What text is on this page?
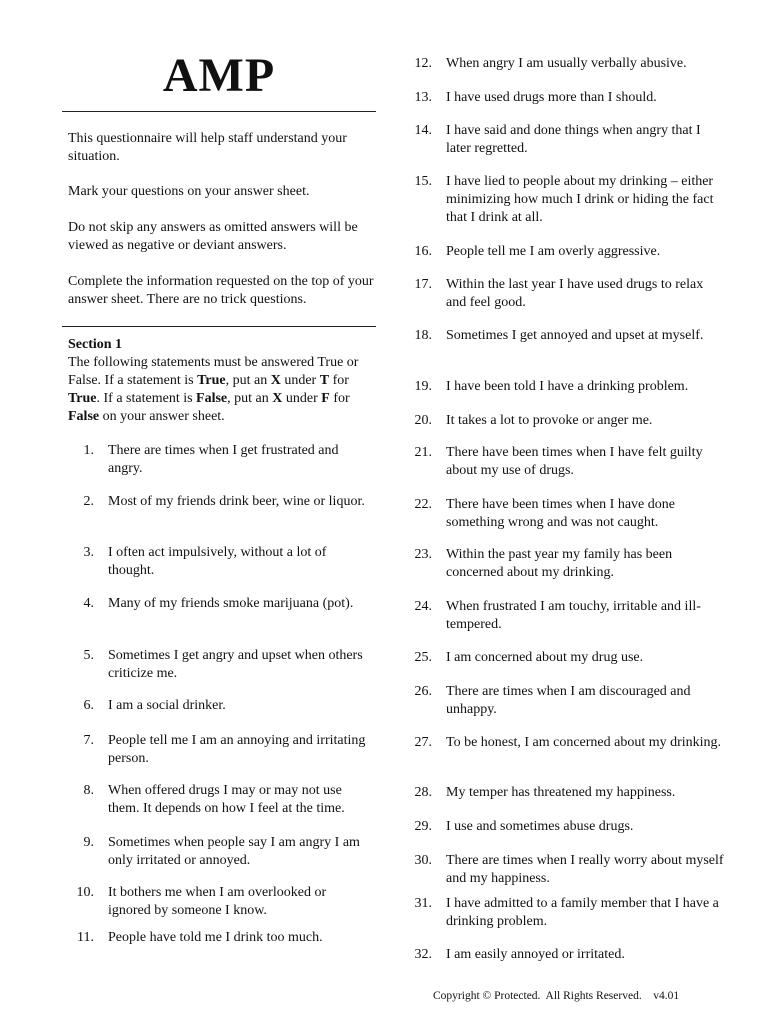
AMP

This questionnaire will help staff understand your situation.

Mark your questions on your answer sheet.

Do not skip any answers as omitted answers will be viewed as negative or deviant answers.

Complete the information requested on the top of your answer sheet. There are no trick questions.

Section 1

The following statements must be answered True or False. If a statement is True, put an X under T for True. If a statement is False, put an X under F for False on your answer sheet.

1. There are times when I get frustrated and angry.
2. Most of my friends drink beer, wine or liquor.
3. I often act impulsively, without a lot of thought.
4. Many of my friends smoke marijuana (pot).
5. Sometimes I get angry and upset when others criticize me.
6. I am a social drinker.
7. People tell me I am an annoying and irritating person.
8. When offered drugs I may or may not use them. It depends on how I feel at the time.
9. Sometimes when people say I am angry I am only irritated or annoyed.
10. It bothers me when I am overlooked or ignored by someone I know.
11. People have told me I drink too much.
12. When angry I am usually verbally abusive.
13. I have used drugs more than I should.
14. I have said and done things when angry that I later regretted.
15. I have lied to people about my drinking – either minimizing how much I drink or hiding the fact that I drink at all.
16. People tell me I am overly aggressive.
17. Within the last year I have used drugs to relax and feel good.
18. Sometimes I get annoyed and upset at myself.
19. I have been told I have a drinking problem.
20. It takes a lot to provoke or anger me.
21. There have been times when I have felt guilty about my use of drugs.
22. There have been times when I have done something wrong and was not caught.
23. Within the past year my family has been concerned about my drinking.
24. When frustrated I am touchy, irritable and ill-tempered.
25. I am concerned about my drug use.
26. There are times when I am discouraged and unhappy.
27. To be honest, I am concerned about my drinking.
28. My temper has threatened my happiness.
29. I use and sometimes abuse drugs.
30. There are times when I really worry about myself and my happiness.
31. I have admitted to a family member that I have a drinking problem.
32. I am easily annoyed or irritated.
Copyright © Protected.  All Rights Reserved.    v4.01
